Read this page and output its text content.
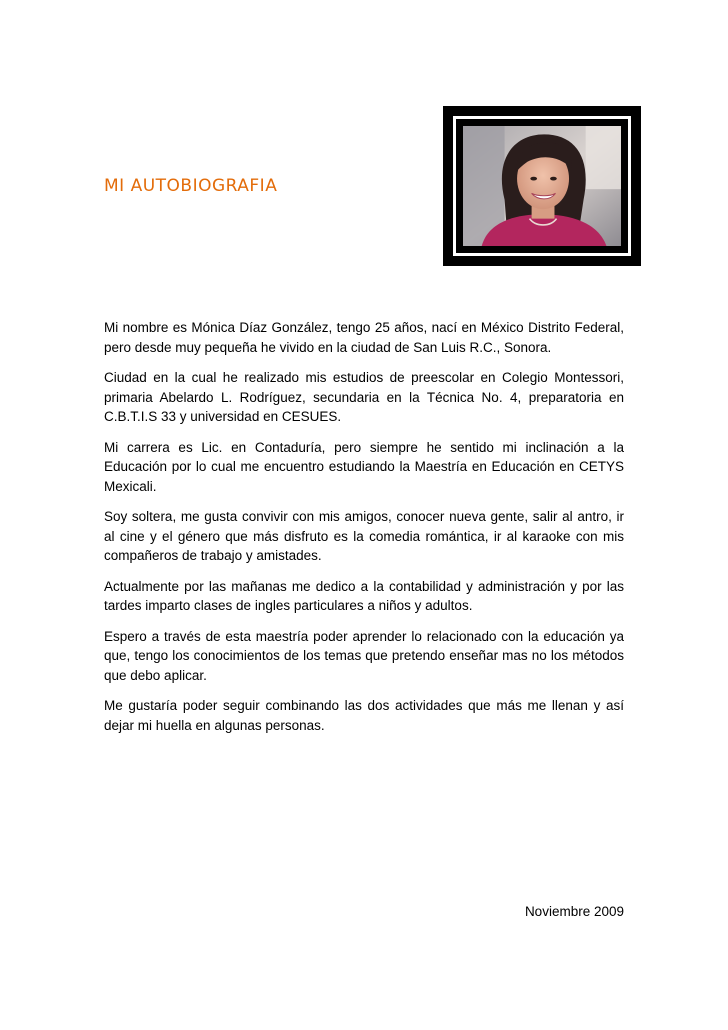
MI AUTOBIOGRAFIA

Mi nombre es Mónica Díaz González, tengo 25 años, nací en México Distrito Federal, pero desde muy pequeña he vivido en la ciudad de San Luis R.C., Sonora.

Ciudad en la cual he realizado mis estudios de preescolar en Colegio Montessori, primaria Abelardo L. Rodríguez, secundaria en la Técnica No. 4, preparatoria en C.B.T.I.S 33 y universidad en CESUES.

Mi carrera es Lic. en Contaduría, pero siempre he sentido mi inclinación a la Educación por lo cual me encuentro estudiando la Maestría en Educación en CETYS Mexicali.

Soy soltera, me gusta convivir con mis amigos, conocer nueva gente, salir al antro, ir al cine y el género que más disfruto es la comedia romántica, ir al karaoke con mis compañeros de trabajo y amistades.

Actualmente por las mañanas me dedico a la contabilidad y administración y por las tardes imparto clases de ingles particulares a niños y adultos.

Espero a través de esta maestría poder aprender lo relacionado con la educación ya que, tengo los conocimientos de los temas que pretendo enseñar mas no los métodos que debo aplicar.

Me gustaría poder seguir combinando las dos actividades que más me llenan y así dejar mi huella en algunas personas.

Noviembre 2009
